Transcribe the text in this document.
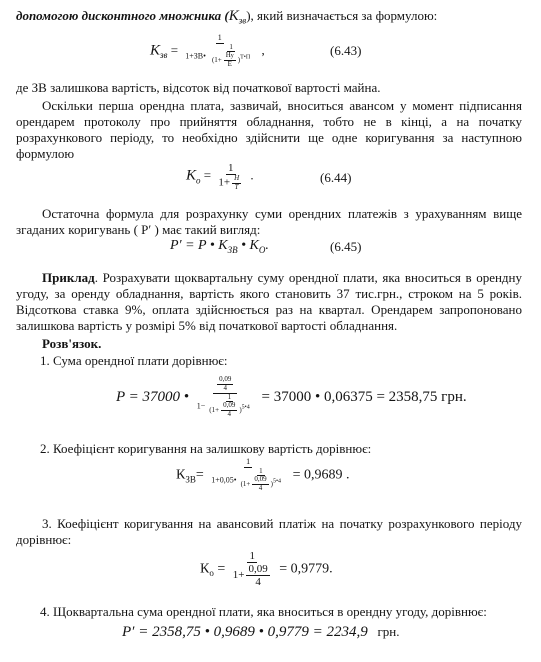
допомогою дисконтного множника $(K_{зв})$, який визначається за формулою:

$K_{зв} = \frac{1}{1+ЗВ• \frac{1}{(1+ \frac{Hy}{E} )^{T•П}}}$ ,	(6.43)

де ЗВ залишкова вартість, відсоток від початкової вартості майна.

Оскільки перша орендна плата, зазвичай, вноситься авансом у момент підписання орендарем протоколу про прийняття обладнання, тобто не в кінці, а на початку розрахункового періоду, то необхідно здійснити ще одне коригування за наступною формулою

$K_o = \frac{1}{1+ \frac{H}{T}}$ .	(6.44)

Остаточна формула для розрахунку суми орендних платежів з урахуванням вище згаданих коригувань ( P′ ) має такий вигляд:

P′ = P • $K_{ЗВ}$ • $K_O$.	(6.45)

Приклад. Розрахувати щоквартальну суму орендної плати, яка вноситься в орендну угоду, за оренду обладнання, вартість якого становить 37 тис.грн., строком на 5 років. Відсоткова ставка 9%, оплата здійснюється раз на квартал. Орендарем запропоновано залишкова вартість у розмірі 5% від початкової вартості обладнання.

Розв'язок.

1. Сума орендної плати дорівнює:

P = 37000 • $\frac{\frac{0,09}{4}}{1- \frac{1}{(1+ \frac{0,09}{4} )^{5•4}}} = 37000$ • 0,06375 = 2358,75 грн.

2. Коефіцієнт коригування на залишкову вартість дорівнює:

$К_{ЗВ}= \frac{1}{1+0,05• \frac{1}{(1+ \frac{0,09}{4} )^{5•4}}} = 0,9689$ .

3. Коефіцієнт коригування на авансовий платіж на початку розрахункового періоду дорівнює:

$К_о = \frac{1}{1+ \frac{0,09}{4}} = 0,9779$.

4. Щоквартальна сума орендної плати, яка вноситься в орендну угоду, дорівнює:

P′ = 2358,75 • 0,9689 • 0,9779 = 2234,9 грн.
